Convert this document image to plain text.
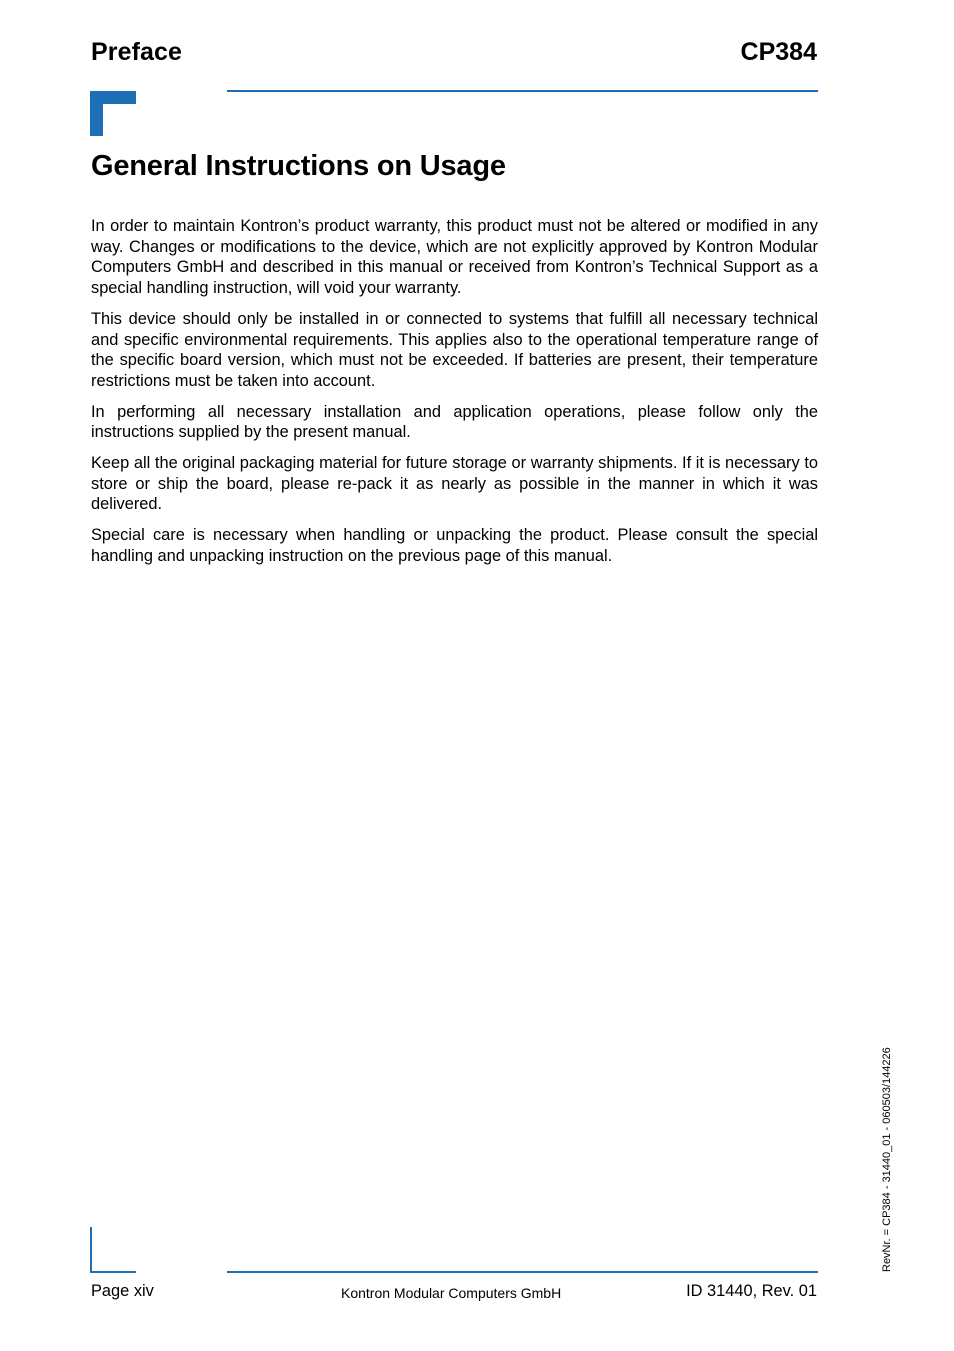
Preface	CP384
General Instructions on Usage

In order to maintain Kontron’s product warranty, this product must not be altered or modified in any way. Changes or modifications to the device, which are not explicitly approved by Kontron Modular Computers GmbH and described in this manual or received from Kontron’s Technical Support as a special handling instruction, will void your warranty.

This device should only be installed in or connected to systems that fulfill all necessary technical and specific environmental requirements. This applies also to the operational temperature range of the specific board version, which must not be exceeded. If batteries are present, their temperature restrictions must be taken into account.

In performing all necessary installation and application operations, please follow only the instructions supplied by the present manual.

Keep all the original packaging material for future storage or warranty shipments. If it is necessary to store or ship the board, please re-pack it as nearly as possible in the manner in which it was delivered.

Special care is necessary when handling or unpacking the product. Please consult the special handling and unpacking instruction on the previous page of this manual.

RevNr. = CP384 - 31440_01 - 060503/144226
Page xiv	Kontron Modular Computers GmbH	ID 31440, Rev. 01
